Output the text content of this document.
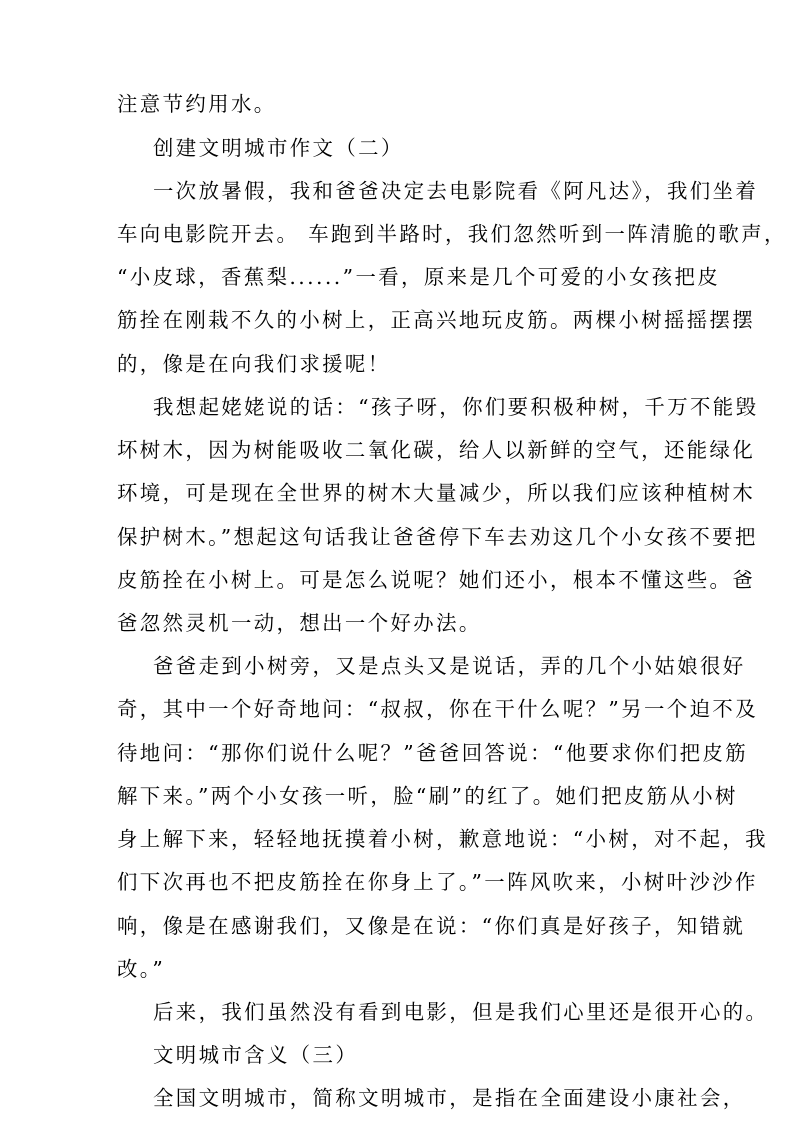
注意节约用水。
创建文明城市作文（二）
一次放暑假，我和爸爸决定去电影院看《阿凡达》，我们坐着
车向电影院开去。 车跑到半路时，我们忽然听到一阵清脆的歌声，
“小皮球，香蕉梨......”一看，原来是几个可爱的小女孩把皮
筋拴在刚栽不久的小树上，正高兴地玩皮筋。两棵小树摇摇摆摆
的，像是在向我们求援呢！
我想起姥姥说的话：“孩子呀，你们要积极种树，千万不能毁
坏树木，因为树能吸收二氧化碳，给人以新鲜的空气，还能绿化
环境，可是现在全世界的树木大量减少，所以我们应该种植树木
保护树木。”想起这句话我让爸爸停下车去劝这几个小女孩不要把
皮筋拴在小树上。可是怎么说呢？她们还小，根本不懂这些。爸
爸忽然灵机一动，想出一个好办法。
爸爸走到小树旁，又是点头又是说话，弄的几个小姑娘很好
奇，其中一个好奇地问：“叔叔，你在干什么呢？”另一个迫不及
待地问：“那你们说什么呢？”爸爸回答说：“他要求你们把皮筋
解下来。”两个小女孩一听，脸“刷”的红了。她们把皮筋从小树
身上解下来，轻轻地抚摸着小树，歉意地说：“小树，对不起，我
们下次再也不把皮筋拴在你身上了。”一阵风吹来，小树叶沙沙作
响，像是在感谢我们，又像是在说：“你们真是好孩子，知错就
改。”
后来，我们虽然没有看到电影，但是我们心里还是很开心的。
文明城市含义（三）
全国文明城市，简称文明城市，是指在全面建设小康社会，
